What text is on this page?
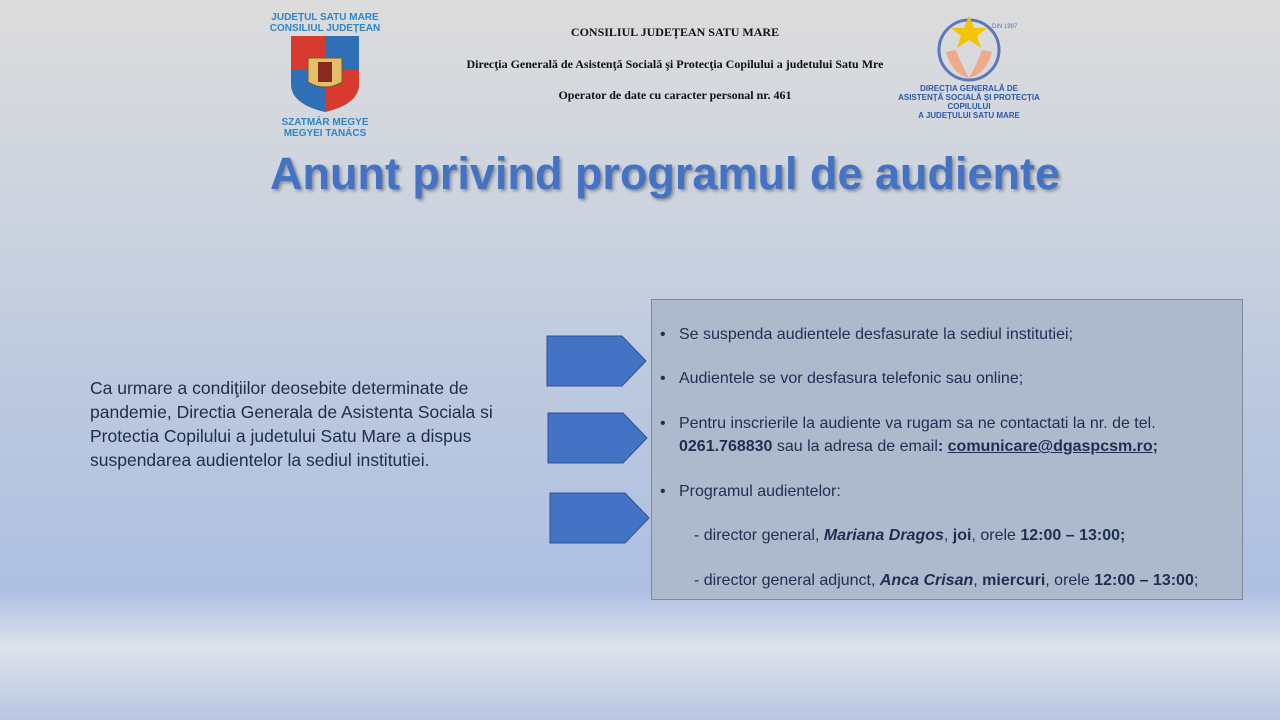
JUDEȚUL SATU MARE
CONSILIUL JUDEȚEAN
SZATMÁR MEGYE
MEGYEI TANÁCS
CONSILIUL JUDEȚEAN SATU MARE
Direcţia Generală de Asistenţă Socială şi Protecţia Copilului a judetului Satu Mre
Operator de date cu caracter personal nr. 461
DIN 1997
DIRECȚIA GENERALĂ DE
ASISTENȚĂ SOCIALĂ ȘI PROTECȚIA COPILULUI
A JUDEȚULUI SATU MARE
Anunt privind programul de audiente
Ca urmare a condiţiilor deosebite determinate de pandemie, Directia Generala de Asistenta Sociala si Protectia Copilului a judetului Satu Mare a dispus suspendarea audientelor la sediul institutiei.
•   Se suspenda audientele desfasurate la sediul institutiei;
•   Audientele se vor desfasura telefonic sau online;
•   Pentru inscrierile la audiente va rugam sa ne contactati la nr. de tel.
0261.768830 sau la adresa de email: comunicare@dgaspcsm.ro;
•   Programul audientelor:
- director general, Mariana Dragos, joi, orele 12:00 – 13:00;
- director general adjunct, Anca Crisan, miercuri, orele 12:00 – 13:00;
